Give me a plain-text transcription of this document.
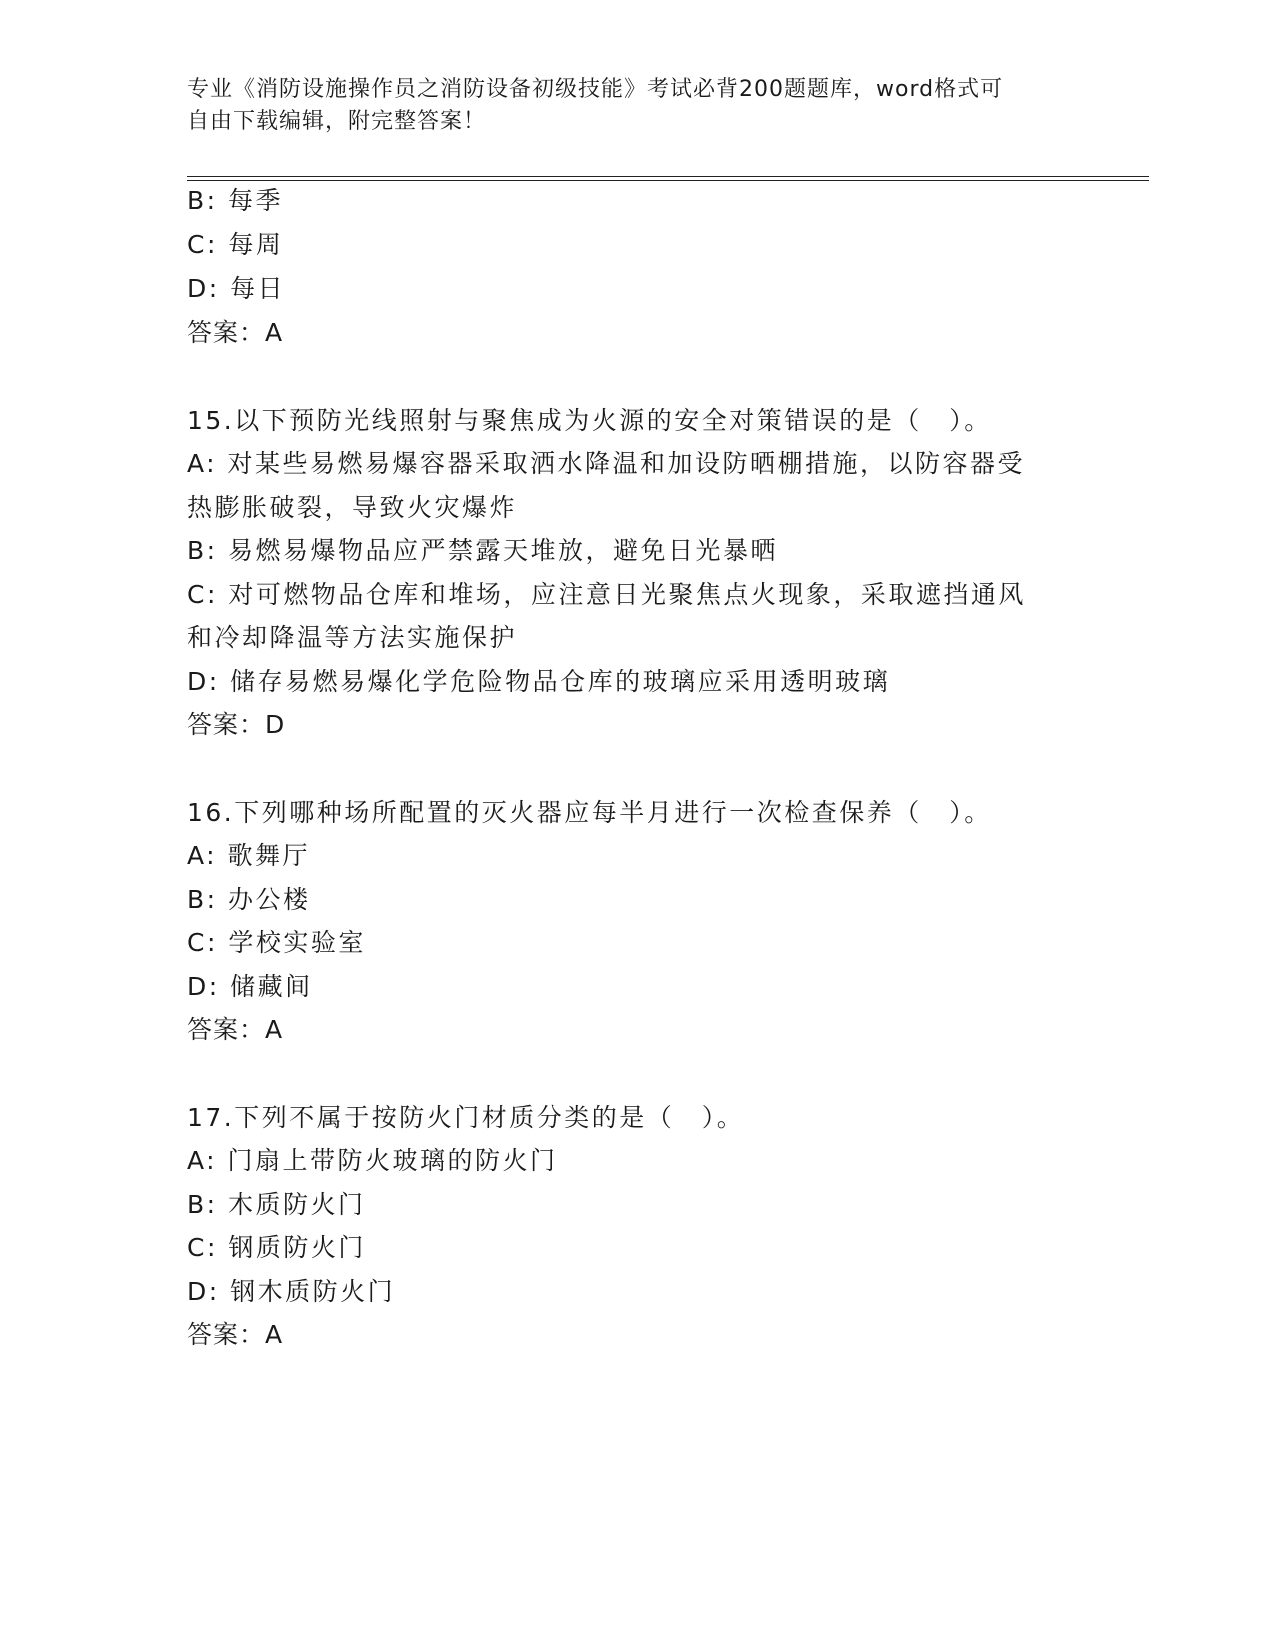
专业《消防设施操作员之消防设备初级技能》考试必背200题题库，word格式可
自由下载编辑，附完整答案！
B: 每季
C: 每周
D: 每日
答案：A
15.以下预防光线照射与聚焦成为火源的安全对策错误的是（　）。
A: 对某些易燃易爆容器采取洒水降温和加设防晒棚措施，以防容器受
热膨胀破裂，导致火灾爆炸
B: 易燃易爆物品应严禁露天堆放，避免日光暴晒
C: 对可燃物品仓库和堆场，应注意日光聚焦点火现象，采取遮挡通风
和冷却降温等方法实施保护
D: 储存易燃易爆化学危险物品仓库的玻璃应采用透明玻璃
答案：D
16.下列哪种场所配置的灭火器应每半月进行一次检查保养（　）。
A: 歌舞厅
B: 办公楼
C: 学校实验室
D: 储藏间
答案：A
17.下列不属于按防火门材质分类的是（　）。
A: 门扇上带防火玻璃的防火门
B: 木质防火门
C: 钢质防火门
D: 钢木质防火门
答案：A
